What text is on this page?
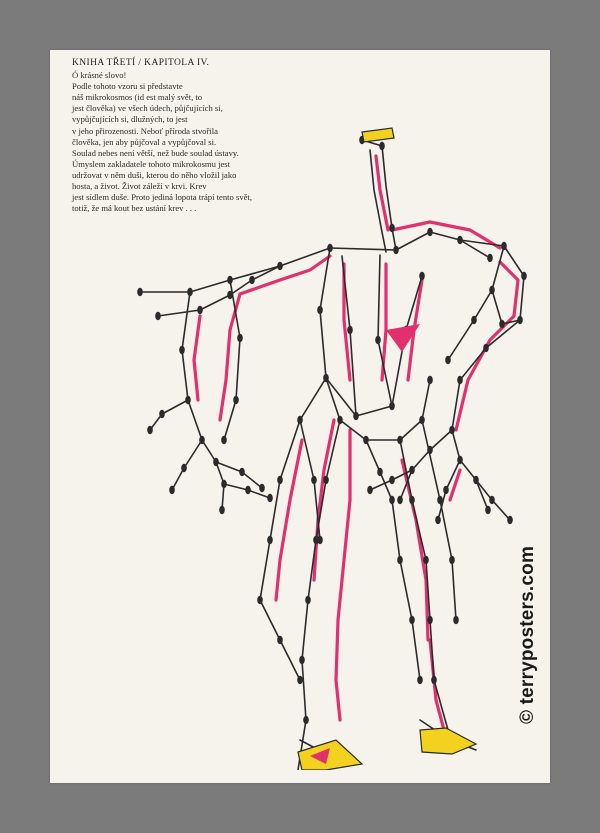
KNIHA TŘETÍ / KAPITOLA IV.
Ó krásné slovo!
Podle tohoto vzoru si představte
náš mikrokosmos (id est malý svět, to
jest člověka) ve všech údech, půjčujících si,
vypůjčujících si, dlužných, to jest
v jeho přirozenosti. Neboť příroda stvořila
člověka, jen aby půjčoval a vypůjčoval si.
Soulad nebes není větší, než bude soulad ústavy.
Úmyslem zakladatele tohoto mikrokosmu jest
udržovat v něm duši, kterou do něho vložil jako
hosta, a život. Život záleží v krvi. Krev
jest sídlem duše. Proto jediná lopota trápí tento svět,
totiž, že má kout bez ustání krev . . .
© terryposters.com
